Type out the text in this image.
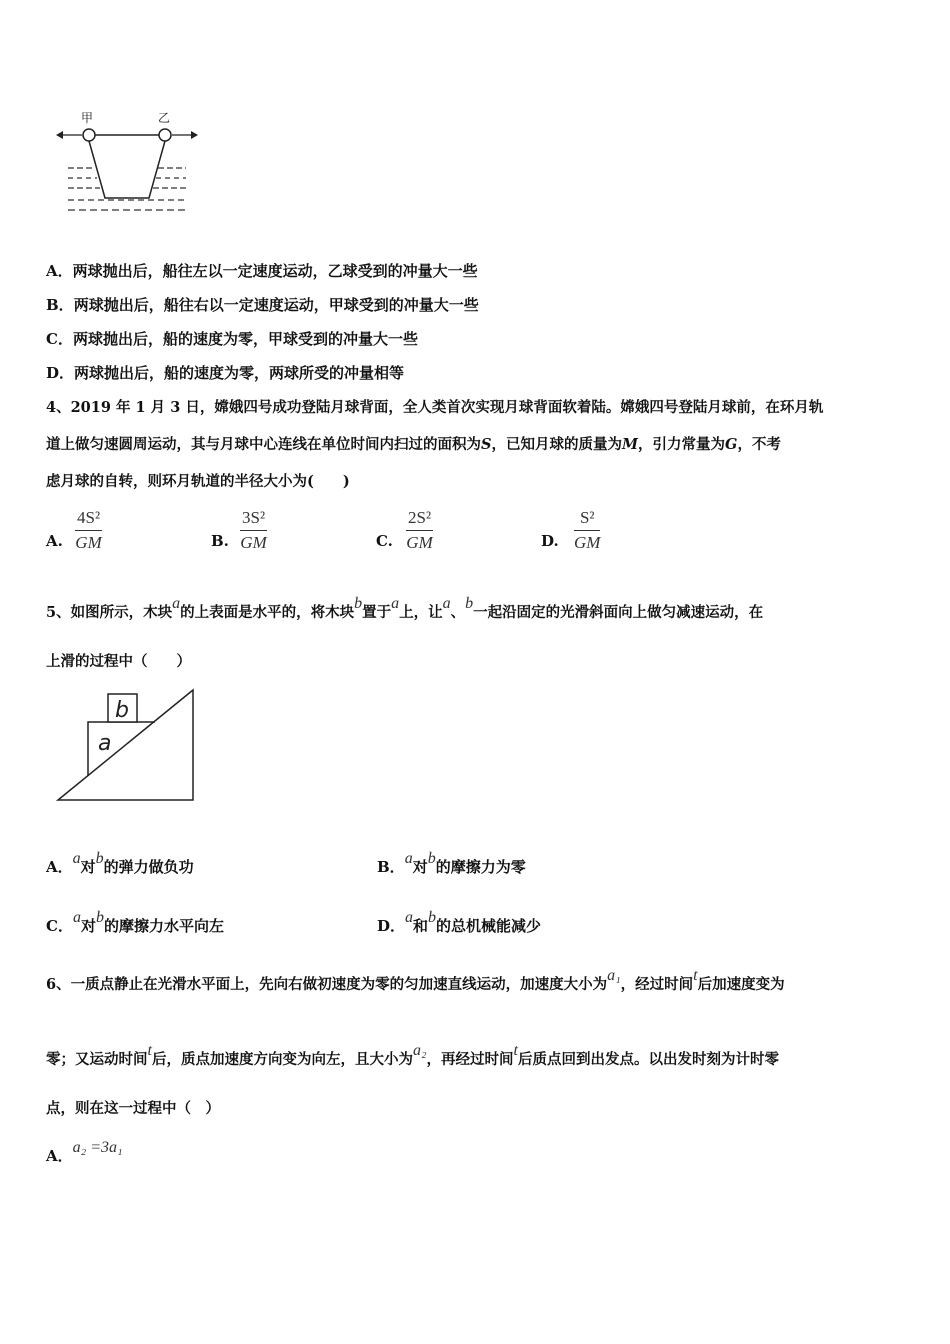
甲	乙
A．两球抛出后，船往左以一定速度运动，乙球受到的冲量大一些
B．两球抛出后，船往右以一定速度运动，甲球受到的冲量大一些
C．两球抛出后，船的速度为零，甲球受到的冲量大一些
D．两球抛出后，船的速度为零，两球所受的冲量相等
4、2019 年 1 月 3 日，嫦娥四号成功登陆月球背面，全人类首次实现月球背面软着陆。嫦娥四号登陆月球前，在环月轨
道上做匀速圆周运动，其与月球中心连线在单位时间内扫过的面积为S，已知月球的质量为M，引力常量为G，不考
虑月球的自转，则环月轨道的半径大小为(　　)
A. $\frac{\text{4S²}}{GM}$	B. $\frac{\text{3S²}}{GM}$	C. $\frac{\text{2S²}}{GM}$	D. $\frac{\text{S²}}{GM}$
5、如图所示，木块a的上表面是水平的，将木块b置于a上，让a、b一起沿固定的光滑斜面向上做匀减速运动，在
上滑的过程中（　　）
a
b
A．a对b的弹力做负功	B．a对b的摩擦力为零
C．a对b的摩擦力水平向左	D．a和b的总机械能减少
6、一质点静止在光滑水平面上，先向右做初速度为零的匀加速直线运动，加速度大小为a₁，经过时间t后加速度变为
零；又运动时间t后，质点加速度方向变为向左，且大小为a₂，再经过时间t后质点回到出发点。以出发时刻为计时零
点，则在这一过程中（　）
A．a₂ =3a₁
